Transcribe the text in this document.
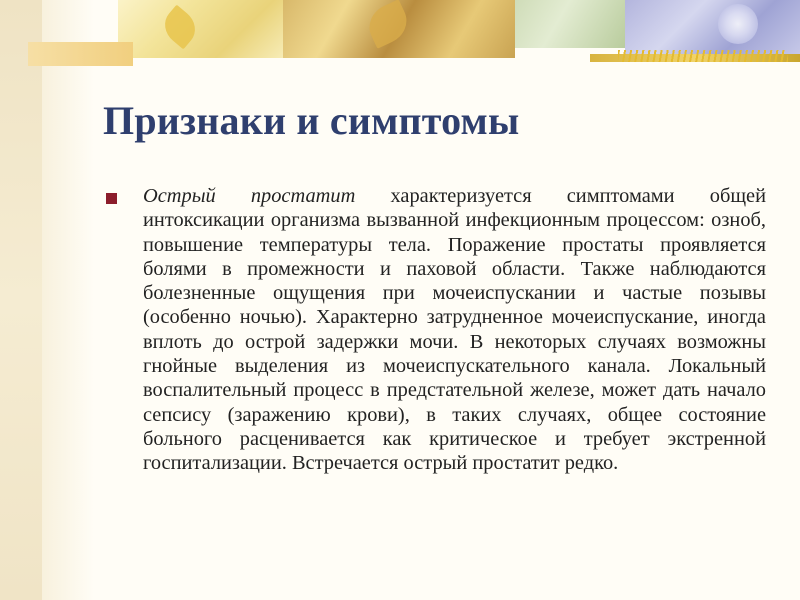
Признаки и симптомы
Острый простатит характеризуется симптомами общей интоксикации организма вызванной инфекционным процессом: озноб, повышение температуры тела. Поражение простаты проявляется болями в промежности и паховой области. Также наблюдаются болезненные ощущения при мочеиспускании и частые позывы (особенно ночью). Характерно затрудненное мочеиспускание, иногда вплоть до острой задержки мочи. В некоторых случаях возможны гнойные выделения из мочеиспускательного канала. Локальный воспалительный процесс в предстательной железе, может дать начало сепсису (заражению крови), в таких случаях, общее состояние больного расценивается как критическое и требует экстренной госпитализации. Встречается острый простатит редко.
